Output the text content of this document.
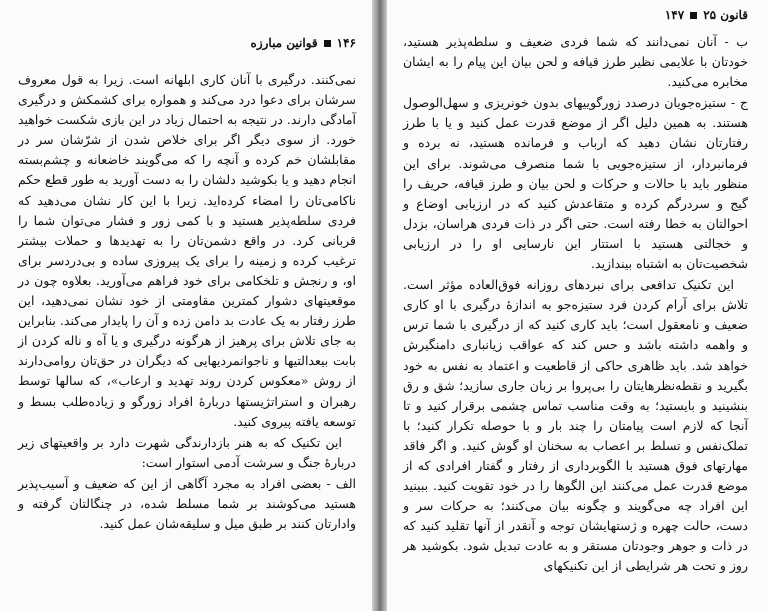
۱۴۶
قوانین مبارزه

نمی‌کنند. درگیری با آنان کاری ابلهانه است. زیرا به قول معروف سرشان برای دعوا درد می‌کند و همواره برای کشمکش و درگیری آمادگی دارند. در نتیجه به احتمال زیاد در این بازی شکست خواهید خورد. از سوی دیگر اگر برای خلاص شدن از شرّشان سر در مقابلشان خم کرده و آنچه را که می‌گویند خاضعانه و چشم‌بسته انجام دهید و یا بکوشید دلشان را به دست آورید به طور قطع حکم ناکامی‌تان را امضاء کرده‌اید. زیرا با این کار نشان می‌دهید که فردی سلطه‌پذیر هستید و با کمی زور و فشار می‌توان شما را قربانی کرد. در واقع دشمن‌تان را به تهدیدها و حملات بیشتر ترغیب کرده و زمینه را برای یک پیروزی ساده و بی‌دردسر برای او، و رنجش و تلخکامی برای خود فراهم می‌آورید. بعلاوه چون در موقعیتهای دشوار کمترین مقاومتی از خود نشان نمی‌دهید، این طرز رفتار به یک عادت بد دامن زده و آن را پایدار می‌کند. بنابراین به جای تلاش برای پرهیز از هرگونه درگیری و یا آه و ناله کردن از بابت بیعدالتیها و ناجوانمردیهایی که دیگران در حق‌تان روامی‌دارند از روش «معکوس کردن روند تهدید و ارعاب»، که سالها توسط رهبران و استراتژیستها دربارهٔ افراد زورگو و زیاده‌طلب بسط و توسعه یافته پیروی کنید.

این تکنیک که به هنر بازدارندگی شهرت دارد بر واقعیتهای زیر دربارهٔ جنگ و سرشت آدمی استوار است:

الف - بعضی افراد به مجرد آگاهی از این که ضعیف و آسیب‌پذیر هستید می‌کوشند بر شما مسلط شده، در چنگالتان گرفته و وادارتان کنند بر طبق میل و سلیقه‌شان عمل کنید.

قانون ۲۵
۱۴۷

ب - آنان نمی‌دانند که شما فردی ضعیف و سلطه‌پذیر هستید، خودتان با علایمی نظیر طرز قیافه و لحن بیان این پیام را به ایشان مخابره می‌کنید.

ج - ستیزه‌جویان درصدد زورگوییهای بدون خونریزی و سهل‌الوصول هستند. به همین دلیل اگر از موضع قدرت عمل کنید و یا با طرز رفتارتان نشان دهید که ارباب و فرمانده هستید، نه برده و فرمانبردار، از ستیزه‌جویی با شما منصرف می‌شوند. برای این منظور باید با حالات و حرکات و لحن بیان و طرز قیافه، حریف را گیج و سردرگم کرده و متقاعدش کنید که در ارزیابی اوضاع و احوالتان به خطا رفته است. حتی اگر در ذات فردی هراسان، بزدل و خجالتی هستید با استتار این نارسایی او را در ارزیابی شخصیت‌تان به اشتباه بیندازید.

این تکنیک تدافعی برای نبردهای روزانه فوق‌العاده مؤثر است. تلاش برای آرام کردن فرد ستیزه‌جو به اندازهٔ درگیری با او کاری ضعیف و نامعقول است؛ باید کاری کنید که از درگیری با شما ترس و واهمه داشته باشد و حس کند که عواقب زیانباری دامنگیرش خواهد شد. باید ظاهری حاکی از قاطعیت و اعتماد به نفس به خود بگیرید و نقطه‌نظرهایتان را بی‌پروا بر زبان جاری سازید؛ شق و رق بنشینید و بایستید؛ به وقت مناسب تماس چشمی برقرار کنید و تا آنجا که لازم است پیامتان را چند بار و با حوصله تکرار کنید؛ با تملک‌نفس و تسلط بر اعصاب به سخنان او گوش کنید. و اگر فاقد مهارتهای فوق هستید با الگوبرداری از رفتار و گفتار افرادی که از موضع قدرت عمل می‌کنند این الگوها را در خود تقویت کنید. ببینید این افراد چه می‌گویند و چگونه بیان می‌کنند؛ به حرکات سر و دست، حالت چهره و ژستهایشان توجه و آنقدر از آنها تقلید کنید که در ذات و جوهر وجودتان مستقر و به عادت تبدیل شود. بکوشید هر روز و تحت هر شرایطی از این تکنیکهای
